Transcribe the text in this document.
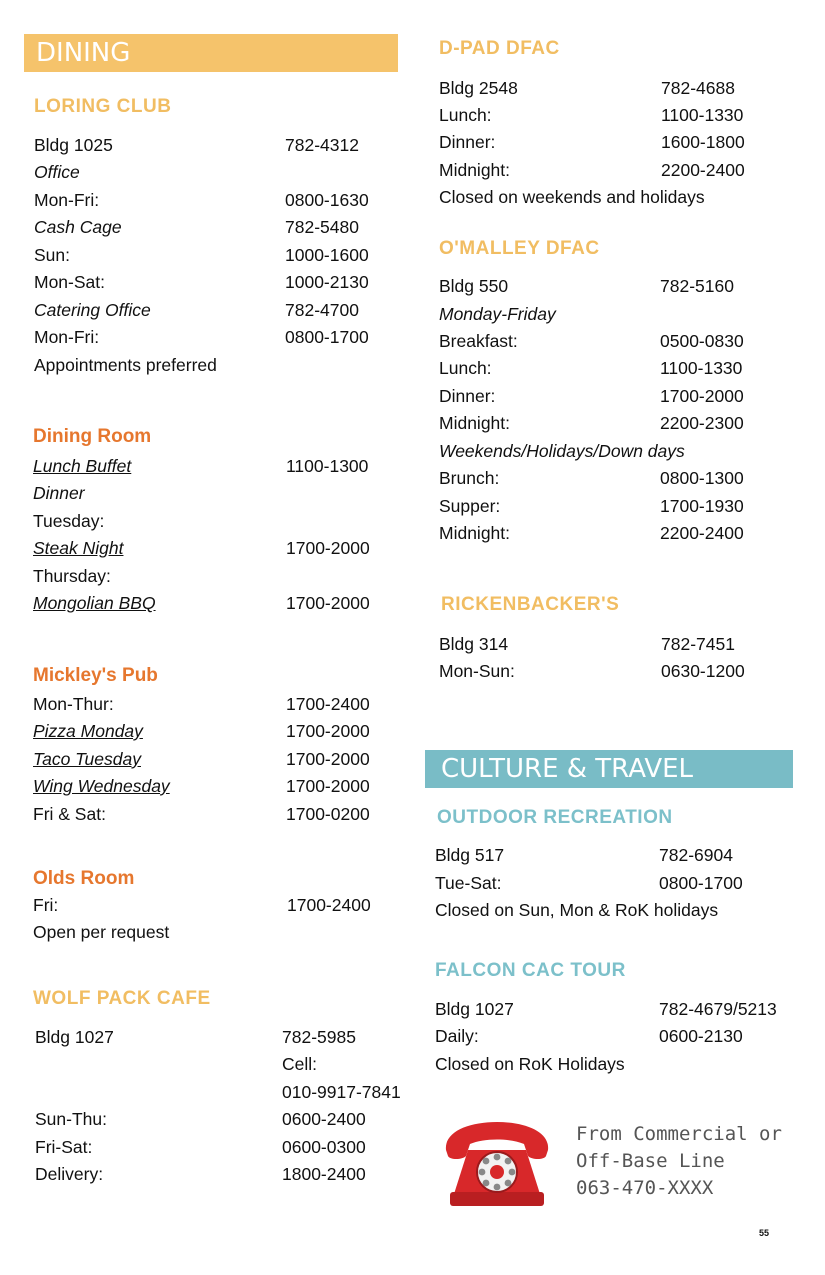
DINING
LORING CLUB
Bldg 1025	782-4312
Office
Mon-Fri:	0800-1630
Cash Cage	782-5480
Sun:	1000-1600
Mon-Sat:	1000-2130
Catering Office	782-4700
Mon-Fri:	0800-1700
Appointments preferred
Dining Room
Lunch Buffet	1100-1300
Dinner
Tuesday:
Steak Night	1700-2000
Thursday:
Mongolian BBQ	1700-2000
Mickley's Pub
Mon-Thur:	1700-2400
Pizza Monday	1700-2000
Taco Tuesday	1700-2000
Wing Wednesday	1700-2000
Fri & Sat:	1700-0200
Olds Room
Fri:	1700-2400
Open per request
WOLF PACK CAFE
Bldg 1027	782-5985
Cell:
010-9917-7841
Sun-Thu:	0600-2400
Fri-Sat:	0600-0300
Delivery:	1800-2400
D-PAD DFAC
Bldg 2548	782-4688
Lunch:	1100-1330
Dinner:	1600-1800
Midnight:	2200-2400
Closed on weekends and holidays
O'MALLEY DFAC
Bldg 550	782-5160
Monday-Friday
Breakfast:	0500-0830
Lunch:	1100-1330
Dinner:	1700-2000
Midnight:	2200-2300
Weekends/Holidays/Down days
Brunch:	0800-1300
Supper:	1700-1930
Midnight:	2200-2400
RICKENBACKER'S
Bldg 314	782-7451
Mon-Sun:	0630-1200
CULTURE & TRAVEL
OUTDOOR RECREATION
Bldg 517	782-6904
Tue-Sat:	0800-1700
Closed on Sun, Mon & RoK holidays
FALCON CAC TOUR
Bldg 1027	782-4679/5213
Daily:	0600-2130
Closed on RoK Holidays
From Commercial or
Off-Base Line
063-470-XXXX
55
